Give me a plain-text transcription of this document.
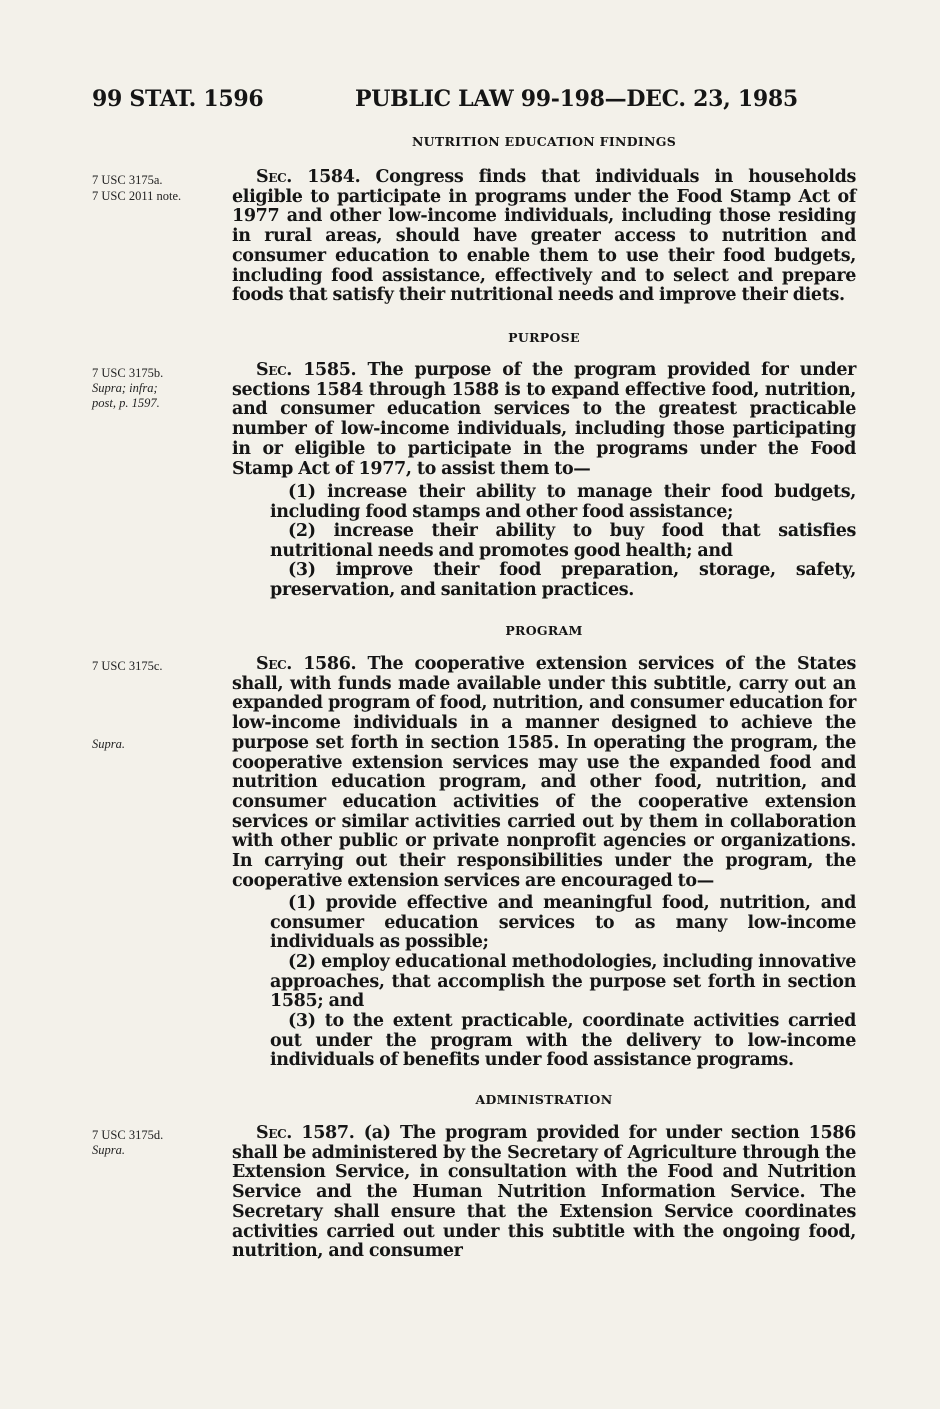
99 STAT. 1596	PUBLIC LAW 99-198—DEC. 23, 1985
NUTRITION EDUCATION FINDINGS
7 USC 3175a.
7 USC 2011 note.
Sec. 1584. Congress finds that individuals in households eligible to participate in programs under the Food Stamp Act of 1977 and other low-income individuals, including those residing in rural areas, should have greater access to nutrition and consumer education to enable them to use their food budgets, including food assistance, effectively and to select and prepare foods that satisfy their nutritional needs and improve their diets.
PURPOSE
7 USC 3175b.
Supra; infra;
post, p. 1597.
Sec. 1585. The purpose of the program provided for under sections 1584 through 1588 is to expand effective food, nutrition, and consumer education services to the greatest practicable number of low-income individuals, including those participating in or eligible to participate in the programs under the Food Stamp Act of 1977, to assist them to—
(1) increase their ability to manage their food budgets, including food stamps and other food assistance;
(2) increase their ability to buy food that satisfies nutritional needs and promotes good health; and
(3) improve their food preparation, storage, safety, preservation, and sanitation practices.
PROGRAM
7 USC 3175c.
Supra.
Sec. 1586. The cooperative extension services of the States shall, with funds made available under this subtitle, carry out an expanded program of food, nutrition, and consumer education for low-income individuals in a manner designed to achieve the purpose set forth in section 1585. In operating the program, the cooperative extension services may use the expanded food and nutrition education program, and other food, nutrition, and consumer education activities of the cooperative extension services or similar activities carried out by them in collaboration with other public or private nonprofit agencies or organizations. In carrying out their responsibilities under the program, the cooperative extension services are encouraged to—
(1) provide effective and meaningful food, nutrition, and consumer education services to as many low-income individuals as possible;
(2) employ educational methodologies, including innovative approaches, that accomplish the purpose set forth in section 1585; and
(3) to the extent practicable, coordinate activities carried out under the program with the delivery to low-income individuals of benefits under food assistance programs.
ADMINISTRATION
7 USC 3175d.
Supra.
Sec. 1587. (a) The program provided for under section 1586 shall be administered by the Secretary of Agriculture through the Extension Service, in consultation with the Food and Nutrition Service and the Human Nutrition Information Service. The Secretary shall ensure that the Extension Service coordinates activities carried out under this subtitle with the ongoing food, nutrition, and consumer
